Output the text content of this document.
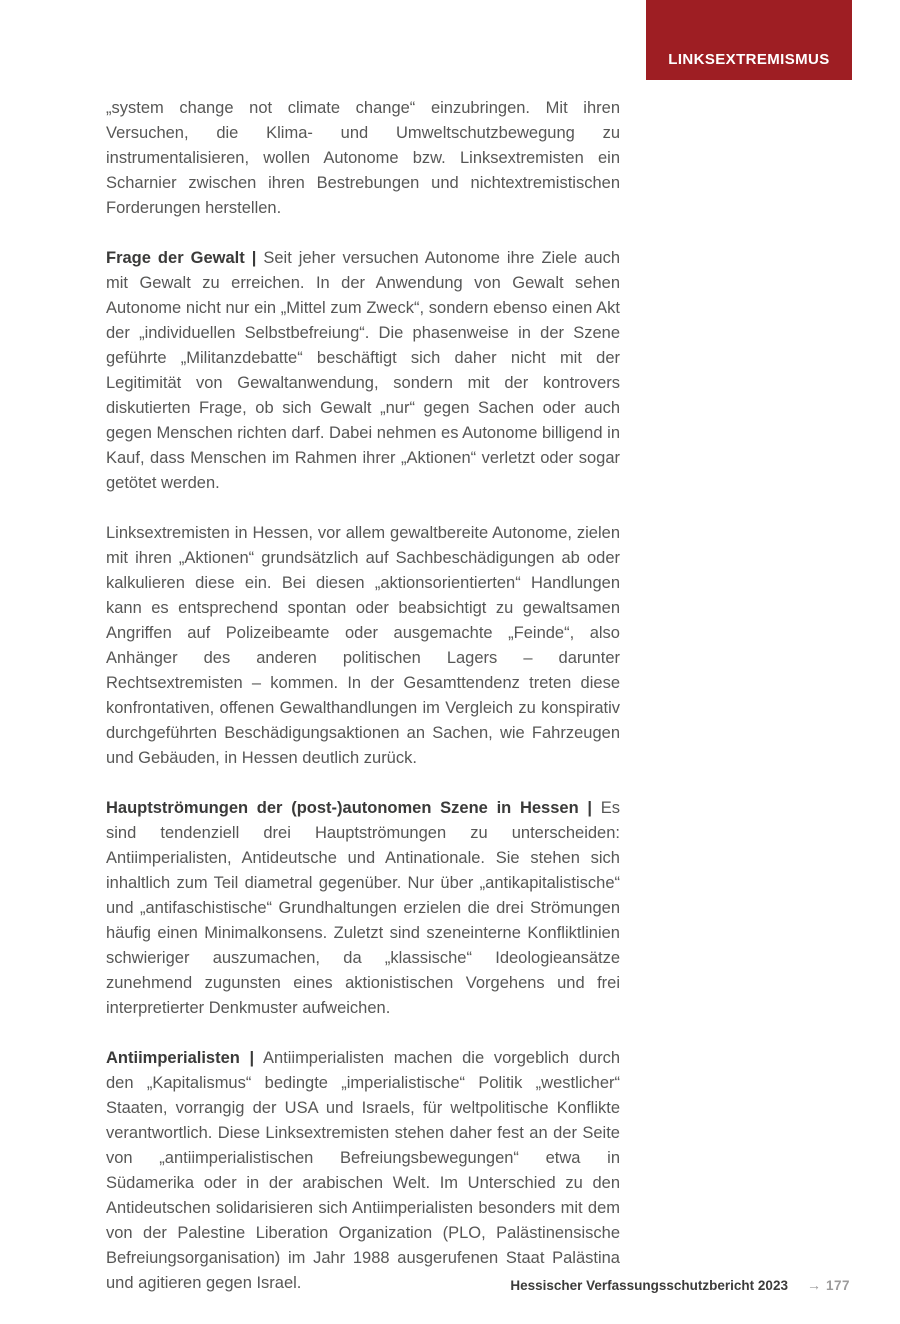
LINKSEXTREMISMUS

„system change not climate change“ einzubringen. Mit ihren Versuchen, die Klima- und Umweltschutzbewegung zu instrumentalisieren, wollen Autonome bzw. Linksextremisten ein Scharnier zwischen ihren Bestrebungen und nichtextremistischen Forderungen herstellen.

Frage der Gewalt | Seit jeher versuchen Autonome ihre Ziele auch mit Gewalt zu erreichen. In der Anwendung von Gewalt sehen Autonome nicht nur ein „Mittel zum Zweck“, sondern ebenso einen Akt der „individuellen Selbstbefreiung“. Die phasenweise in der Szene geführte „Militanzdebatte“ beschäftigt sich daher nicht mit der Legitimität von Gewaltanwendung, sondern mit der kontrovers diskutierten Frage, ob sich Gewalt „nur“ gegen Sachen oder auch gegen Menschen richten darf. Dabei nehmen es Autonome billigend in Kauf, dass Menschen im Rahmen ihrer „Aktionen“ verletzt oder sogar getötet werden.

Linksextremisten in Hessen, vor allem gewaltbereite Autonome, zielen mit ihren „Aktionen“ grundsätzlich auf Sachbeschädigungen ab oder kalkulieren diese ein. Bei diesen „aktionsorientierten“ Handlungen kann es entsprechend spontan oder beabsichtigt zu gewaltsamen Angriffen auf Polizeibeamte oder ausgemachte „Feinde“, also Anhänger des anderen politischen Lagers – darunter Rechtsextremisten – kommen. In der Gesamttendenz treten diese konfrontativen, offenen Gewalthandlungen im Vergleich zu konspirativ durchgeführten Beschädigungsaktionen an Sachen, wie Fahrzeugen und Gebäuden, in Hessen deutlich zurück.

Hauptströmungen der (post-)autonomen Szene in Hessen | Es sind tendenziell drei Hauptströmungen zu unterscheiden: Antiimperialisten, Antideutsche und Antinationale. Sie stehen sich inhaltlich zum Teil diametral gegenüber. Nur über „antikapitalistische“ und „antifaschistische“ Grundhaltungen erzielen die drei Strömungen häufig einen Minimalkonsens. Zuletzt sind szeneinterne Konfliktlinien schwieriger auszumachen, da „klassische“ Ideologieansätze zunehmend zugunsten eines aktionistischen Vorgehens und frei interpretierter Denkmuster aufweichen.

Antiimperialisten | Antiimperialisten machen die vorgeblich durch den „Kapitalismus“ bedingte „imperialistische“ Politik „westlicher“ Staaten, vorrangig der USA und Israels, für weltpolitische Konflikte verantwortlich. Diese Linksextremisten stehen daher fest an der Seite von „antiimperialistischen Befreiungsbewegungen“ etwa in Südamerika oder in der arabischen Welt. Im Unterschied zu den Antideutschen solidarisieren sich Antiimperialisten besonders mit dem von der Palestine Liberation Organization (PLO, Palästinensische Befreiungsorganisation) im Jahr 1988 ausgerufenen Staat Palästina und agitieren gegen Israel.	Hessischer Verfassungsschutzbericht 2023 → 177
